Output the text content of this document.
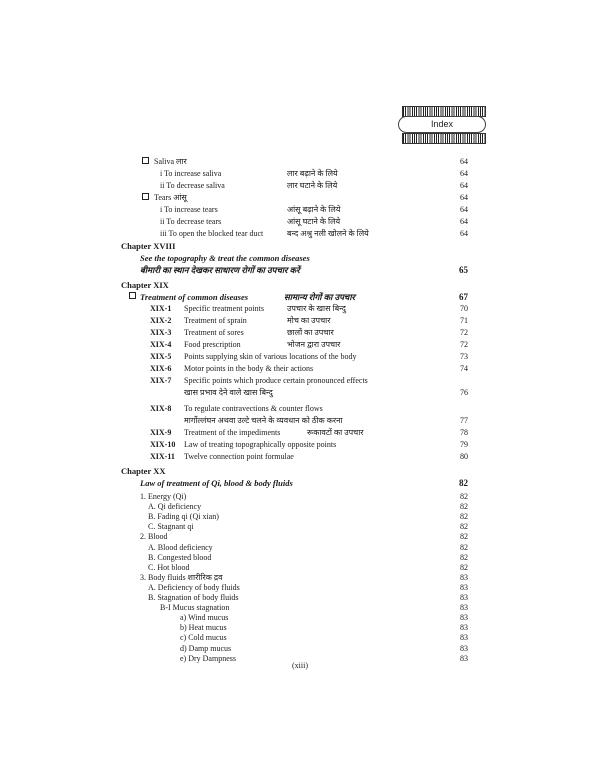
Index
Saliva लार	64
i To increase saliva	लार बढ़ाने के लिये	64
ii To decrease saliva	लार घटाने के लिये	64
Tears आंसू	64
i To increase tears	आंसू बढ़ाने के लिये	64
ii To decrease tears	आंसू घटाने के लिये	64
iii To open the blocked tear duct	बन्द अश्रु नली खोलने के लिये	64
Chapter XVIII
See the topography & treat the common diseases
बीमारी का स्थान देखकर साधारण रोगों का उपचार करें	65
Chapter XIX
Treatment of common diseases	सामान्य रोगों का उपचार	67
XIX-1 Specific treatment points	उपचार के खास बिन्दु	70
XIX-2 Treatment of sprain	मोच का उपचार	71
XIX-3 Treatment of sores	छालों का उपचार	72
XIX-4 Food prescription	भोजन द्वारा उपचार	72
XIX-5 Points supplying skin of various locations of the body	73
XIX-6 Motor points in the body & their actions	74
XIX-7 Specific points which produce certain pronounced effects
खास प्रभाव देने वाले खास बिन्दु	76
XIX-8 To regulate contravections & counter flows
मार्गोल्लंघन अथवा उल्टे चलने के व्यवधान को ठीक करना	77
XIX-9 Treatment of the impediments	रूकावटों का उपचार	78
XIX-10 Law of treating topographically opposite points	79
XIX-11 Twelve connection point formulae	80
Chapter XX
Law of treatment of Qi, blood & body fluids	82
1. Energy (Qi)	82
A. Qi deficiency	82
B. Fading qi (Qi xian)	82
C. Stagnant qi	82
2. Blood	82
A. Blood deficiency	82
B. Congested blood	82
C. Hot blood	82
3. Body fluids शारीरिक द्रव	83
A. Deficiency of body fluids	83
B. Stagnation of body fluids	83
B-I Mucus stagnation	83
a) Wind mucus	83
b) Heat mucus	83
c) Cold mucus	83
d) Damp mucus	83
e) Dry Dampness	83
(xiii)
